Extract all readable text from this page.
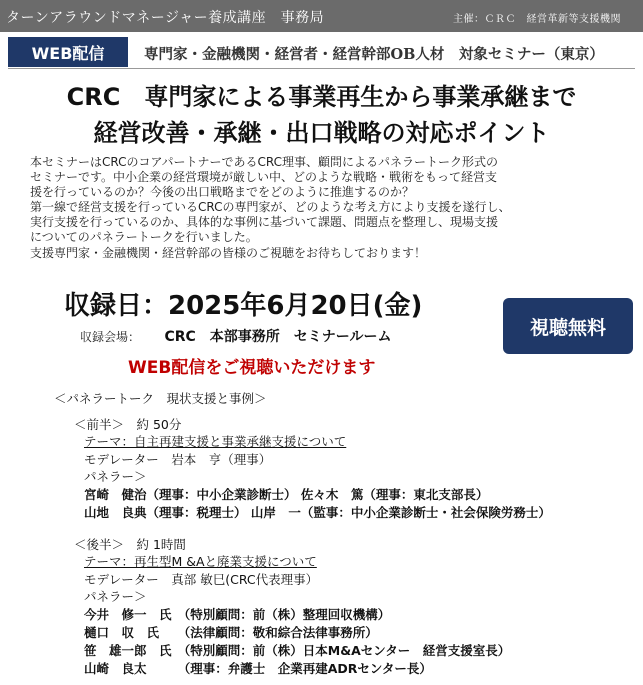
ターンアラウンドマネージャー養成講座　事務局	主催：ＣＲＣ　経営革新等支援機関
WEB配信	専門家・金融機関・経営者・経営幹部OB人材　対象セミナー（東京）
CRC　専門家による事業再生から事業承継まで
経営改善・承継・出口戦略の対応ポイント

本セミナーはCRCのコアパートナーであるCRC理事、顧問によるパネラートーク形式の

セミナーです。中小企業の経営環境が厳しい中、どのような戦略・戦術をもって経営支

援を行っているのか？今後の出口戦略までをどのように推進するのか？

第一線で経営支援を行っているCRCの専門家が、どのような考え方により支援を遂行し、

実行支援を行っているのか、具体的な事例に基づいて課題、問題点を整理し、現場支援

についてのパネラートークを行いました。

支援専門家・金融機関・経営幹部の皆様のご視聴をお待ちしております！

収録日：2025年6月20日(金)
収録会場： CRC　本部事務所　セミナールーム	視聴無料
WEB配信をご視聴いただけます
＜パネラートーク　現状支援と事例＞
＜前半＞　約 50分
テーマ：自主再建支援と事業承継支援について
モデレーター　岩本　亨（理事）
パネラー＞
宮崎　健治（理事：中小企業診断士） 佐々木　篤（理事：東北支部長）
山地　良典（理事：税理士） 山岸　一（監事：中小企業診断士・社会保険労務士）
＜後半＞　約 1時間
テーマ：再生型M &Aと廃業支援について
モデレーター　真部 敏巳(CRC代表理事）
パネラー＞
今井　修一　氏　（特別顧問：前（株）整理回収機構）
樋口　収　氏　　（法律顧問：敬和綜合法律事務所）
笹　雄一郎　氏　（特別顧問：前（株）日本M&Aセンター　経営支援室長）
山崎　良太　　　（理事：弁護士　企業再建ADRセンター長）
